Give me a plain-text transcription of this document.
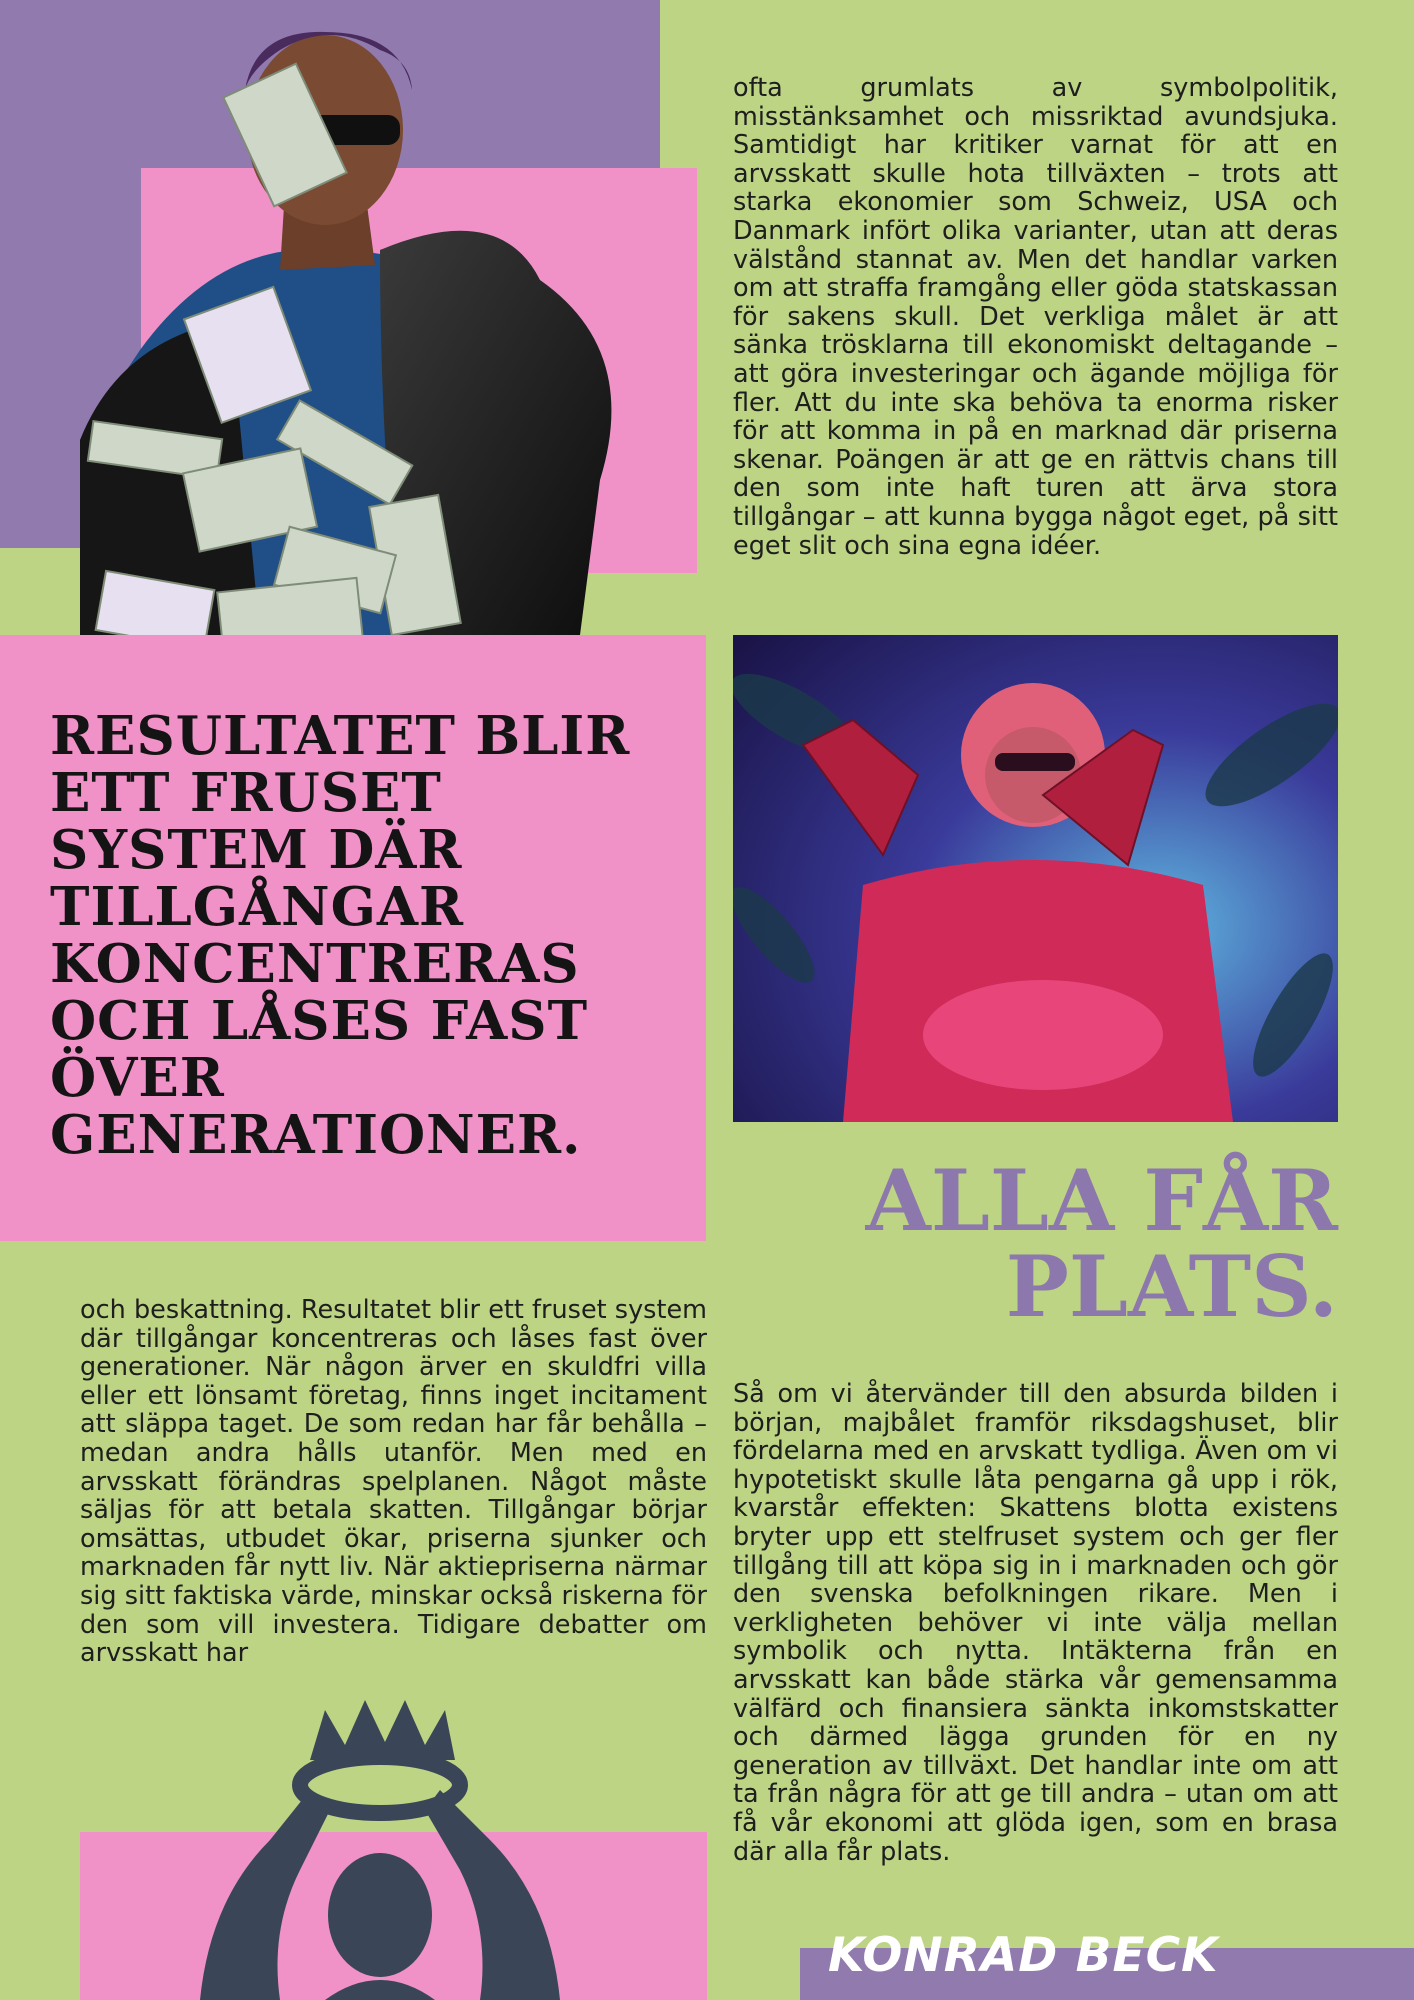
ofta grumlats av symbolpolitik, misstänksamhet och missriktad avundsjuka. Samtidigt har kritiker varnat för att en arvsskatt skulle hota tillväxten – trots att starka ekonomier som Schweiz, USA och Danmark infört olika varianter, utan att deras välstånd stannat av. Men det handlar varken om att straffa framgång eller göda statskassan för sakens skull. Det verkliga målet är att sänka trösklarna till ekonomiskt deltagande – att göra investeringar och ägande möjliga för fler. Att du inte ska behöva ta enorma risker för att komma in på en marknad där priserna skenar. Poängen är att ge en rättvis chans till den som inte haft turen att ärva stora tillgångar – att kunna bygga något eget, på sitt eget slit och sina egna idéer.

RESULTATET BLIR ETT FRUSET SYSTEM DÄR TILLGÅNGAR KONCENTRERAS OCH LÅSES FAST ÖVER GENERATIONER.
ALLA FÅR PLATS.

och beskattning. Resultatet blir ett fruset system där tillgångar koncentreras och låses fast över generationer. När någon ärver en skuldfri villa eller ett lönsamt företag, finns inget incitament att släppa taget. De som redan har får behålla – medan andra hålls utanför. Men med en arvsskatt förändras spelplanen. Något måste säljas för att betala skatten. Tillgångar börjar omsättas, utbudet ökar, priserna sjunker och marknaden får nytt liv. När aktiepriserna närmar sig sitt faktiska värde, minskar också riskerna för den som vill investera. Tidigare debatter om arvsskatt har

Så om vi återvänder till den absurda bilden i början, majbålet framför riksdagshuset, blir fördelarna med en arvskatt tydliga. Även om vi hypotetiskt skulle låta pengarna gå upp i rök, kvarstår effekten: Skattens blotta existens bryter upp ett stelfruset system och ger fler tillgång till att köpa sig in i marknaden och gör den svenska befolkningen rikare. Men i verkligheten behöver vi inte välja mellan symbolik och nytta. Intäkterna från en arvsskatt kan både stärka vår gemensamma välfärd och finansiera sänkta inkomstskatter och därmed lägga grunden för en ny generation av tillväxt. Det handlar inte om att ta från några för att ge till andra – utan om att få vår ekonomi att glöda igen, som en brasa där alla får plats.

KONRAD BECK
